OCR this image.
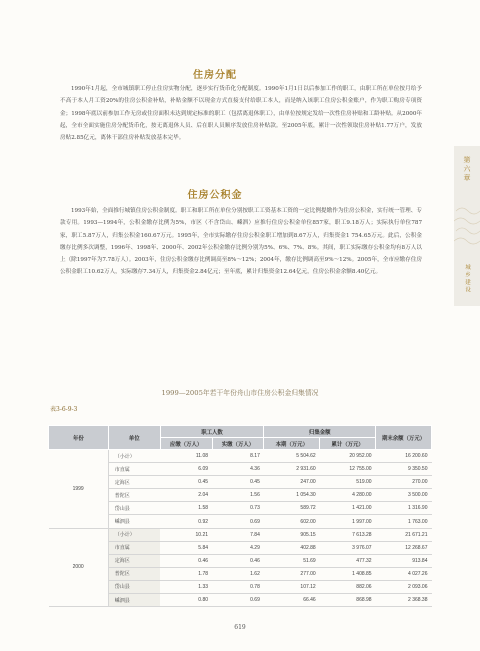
住房分配

1990年1月起，全市城镇职工停止住房实物分配，逐步实行货币化分配制度。1990年1月1日以后参加工作的职工，由职工所在单位按月给予不高于本人月工资20%的住房公积金补贴，补贴金额不以现金方式直接支付给职工本人，而是纳入该职工住房公积金账户，作为职工购房专项资金；1998年底以前参加工作无房或住房面积未达到规定标准的职工（包括离退休职工），由单位按规定发给一次性住房补贴和工龄补贴。从2000年起，全市全面实施住房分配货币化，按无离退休人员、后在职人员顺序发放住房补贴款。至2005年底，累计一次性领取住房补贴1.77万户，发放房贴2.85亿元，离休干部住房补贴发放基本完毕。

住房公积金

1993年始，全面推行城镇住房公积金制度。职工和职工所在单位分别按职工工资基本工资的一定比例提缴作为住房公积金，实行统一管理、专款专用。1993—1994年，公积金缴存比例为5%，市区（不含岱山、嵊泗）应推行住房公积金单位857家，职工9.18万人；实际执行单位787家，职工5.87万人，归集公积金160.67万元。1995年，全市实际缴存住房公积金职工增加到8.67万人，归集资金1 754.65万元。此后，公积金缴存比例多次调整，1996年、1998年、2000年、2002年公积金缴存比例分别为5%、6%、7%、8%。其间，职工实际缴存公积金均有8万人以上（除1997年为7.78万人）。2003年，住房公积金缴存比例调高至8%～12%；2004年，缴存比例调高至9%～12%。2005年，全市应缴存住房公积金职工10.62万人，实际缴存7.34万人，归集资金2.84亿元；至年底，累计归集资金12.64亿元，住房公积金余额8.40亿元。

第六章
城乡建设

1999—2005年若干年份舟山市住房公积金归集情况

表3-6-9-3

年份	单位	职工人数		归集金额		期末余额（万元）
		应缴（万人）	实缴（万人）	本期（万元）	累计（万元）	
1999	（小计）	11.08	8.17	5 504.62	20 952.00	16 200.60
	市直属	6.09	4.36	2 931.60	12 755.00	9 350.50
	定海区	0.45	0.45	247.00	519.00	270.00
	普陀区	2.04	1.56	1 054.30	4 280.00	3 500.00
	岱山县	1.58	0.73	589.72	1 421.00	1 316.90
	嵊泗县	0.92	0.69	602.00	1 997.00	1 763.00
2000	（小计）	10.21	7.84	905.15	7 613.28	21 671.21
	市直属	5.84	4.29	402.88	3 976.07	12 268.67
	定海区	0.46	0.46	51.69	477.32	913.84
	普陀区	1.78	1.62	277.00	1 408.85	4 027.26
	岱山县	1.33	0.78	107.12	882.06	2 093.06
	嵊泗县	0.80	0.69	66.46	868.98	2 368.38

619
